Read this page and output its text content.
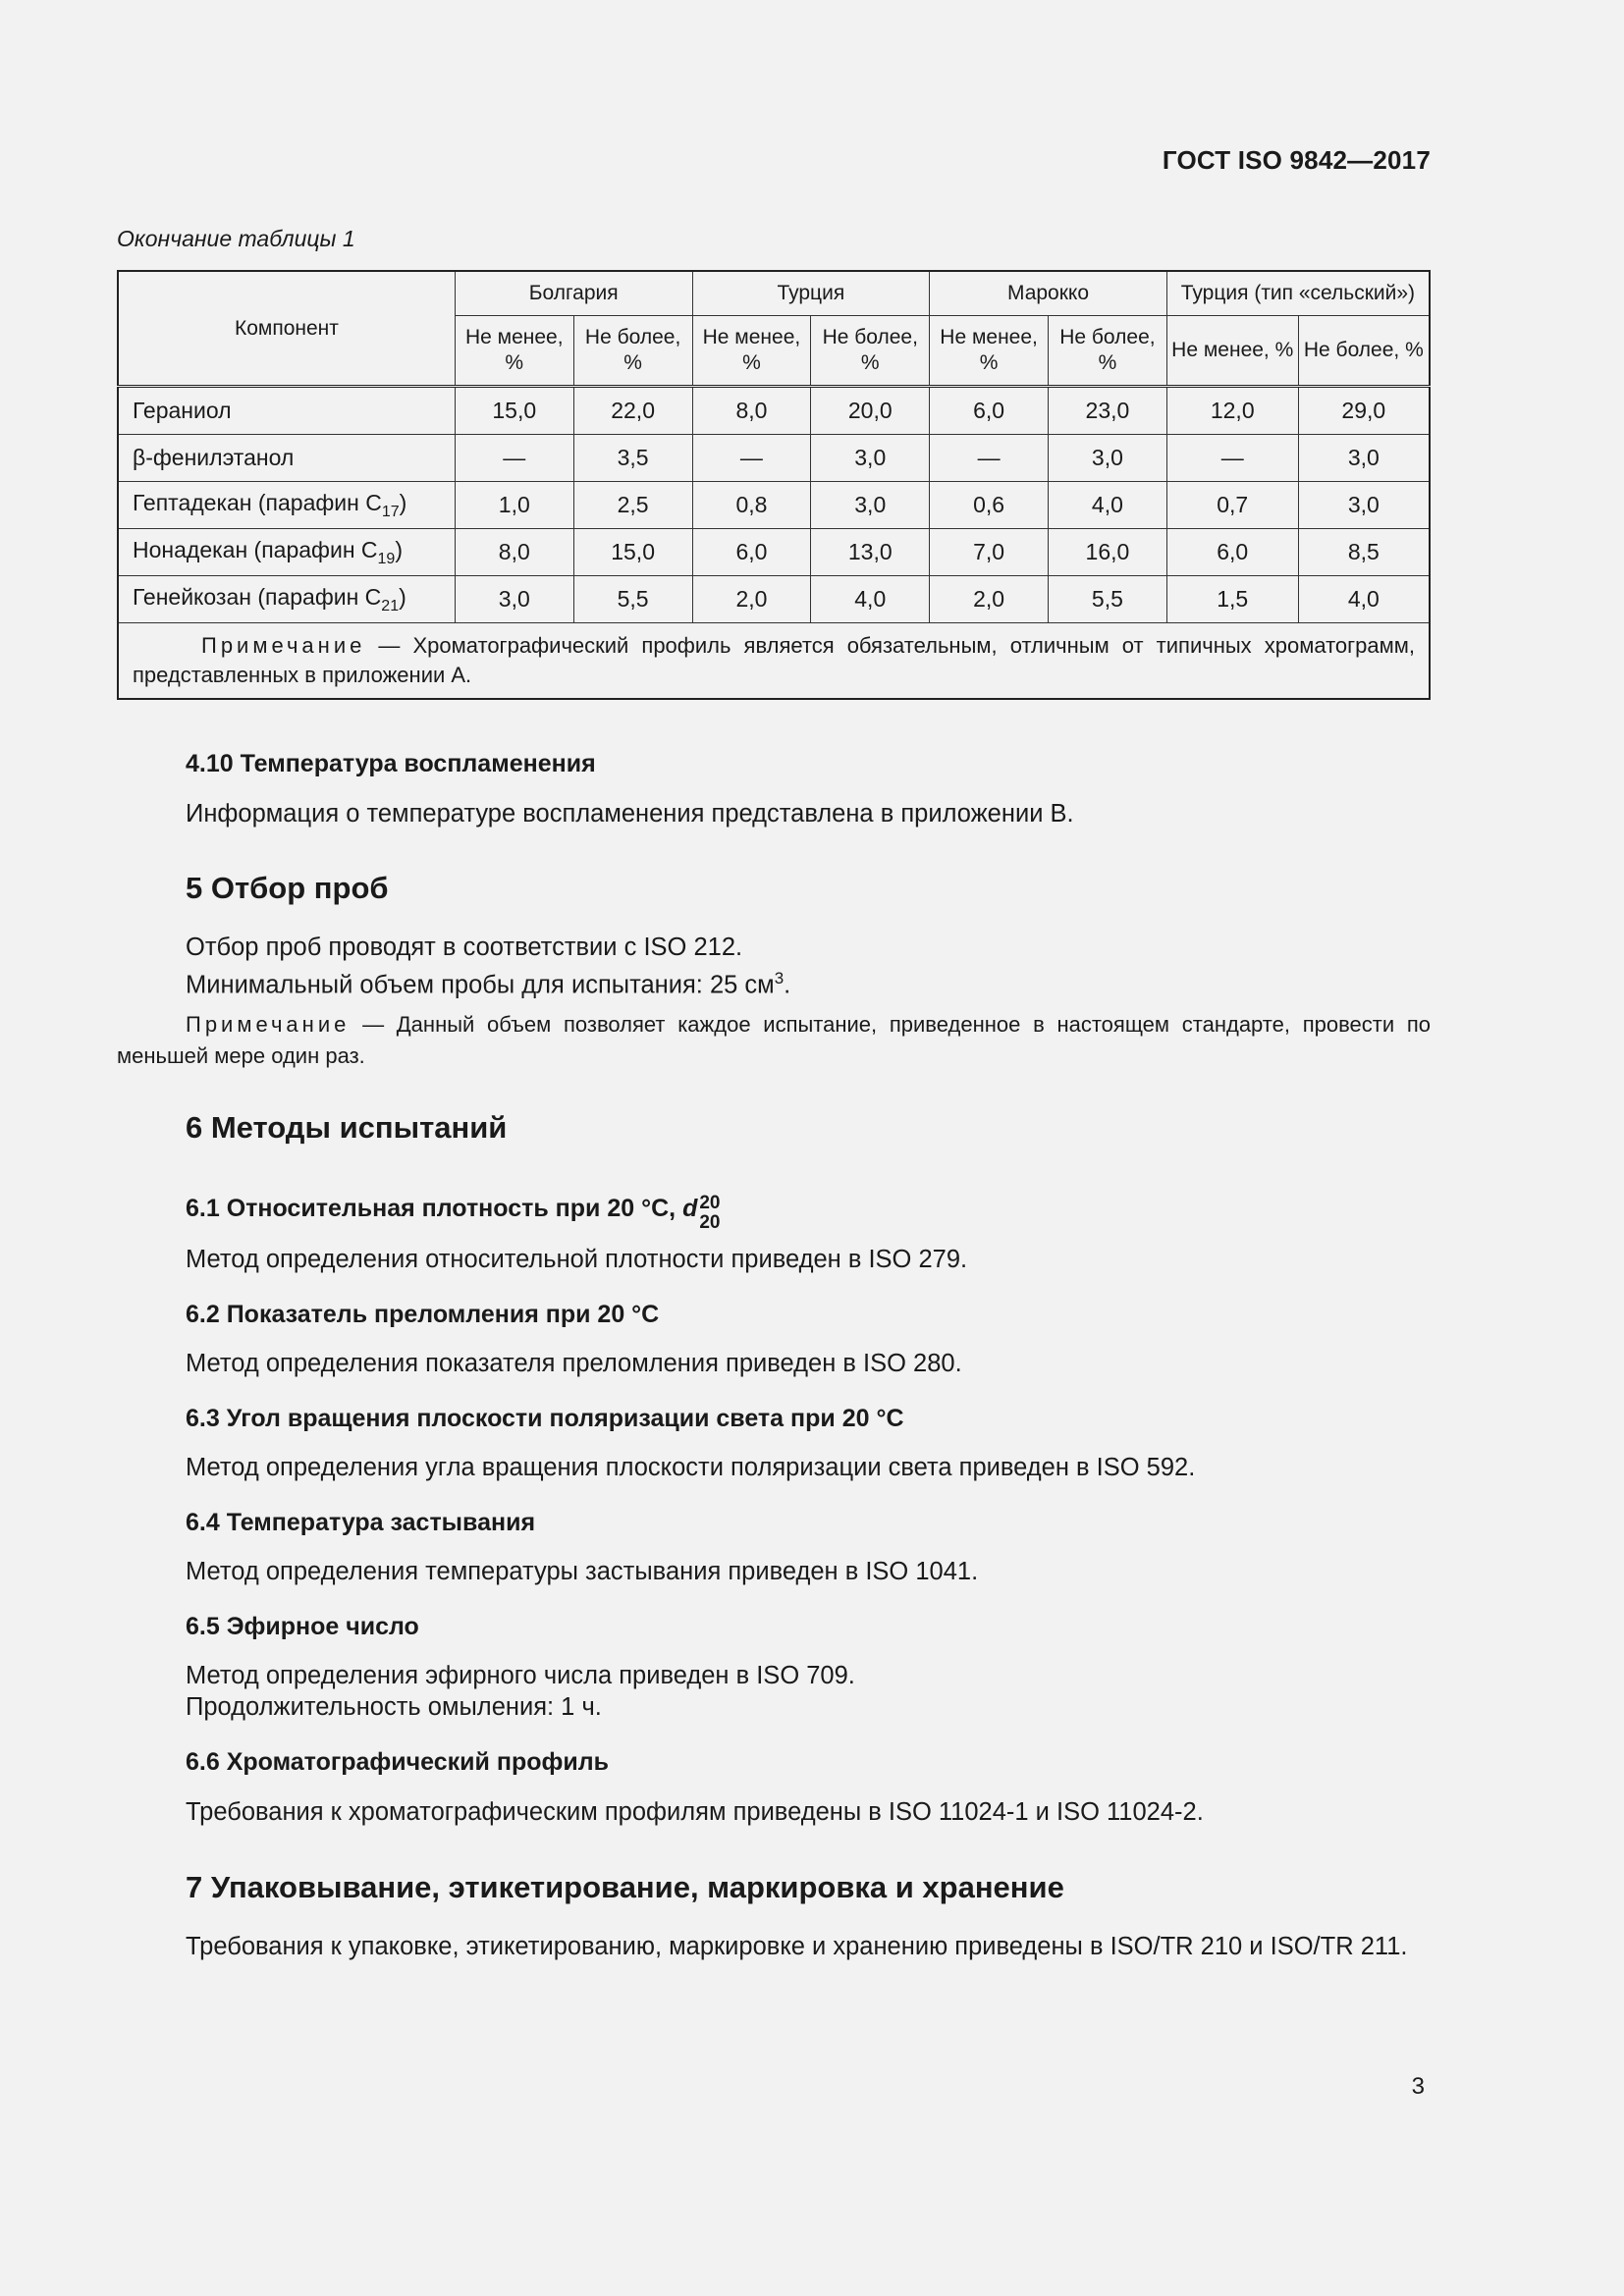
ГОСТ ISO 9842—2017
Окончание таблицы 1
Компонент	Болгария		Турция		Марокко		Турция (тип «сельский»)	
	Не менее, %	Не более, %	Не менее, %	Не более, %	Не менее, %	Не более, %	Не менее, %	Не более, %
Гераниол	15,0	22,0	8,0	20,0	6,0	23,0	12,0	29,0
β-фенилэтанол	—	3,5	—	3,0	—	3,0	—	3,0
Гептадекан (парафин $C_{17}$)	1,0	2,5	0,8	3,0	0,6	4,0	0,7	3,0
Нонадекан (парафин $C_{19}$)	8,0	15,0	6,0	13,0	7,0	16,0	6,0	8,5
Генейкозан (парафин $C_{21}$)	3,0	5,5	2,0	4,0	2,0	5,5	1,5	4,0
Примечание — Хроматографический профиль является обязательным, отличным от типичных хроматограмм, представленных в приложении А.								
4.10 Температура воспламенения
Информация о температуре воспламенения представлена в приложении В.
5 Отбор проб
Отбор проб проводят в соответствии с ISO 212.
Минимальный объем пробы для испытания: 25 $см^3$.
Примечание — Данный объем позволяет каждое испытание, приведенное в настоящем стандарте, провести по меньшей мере один раз.
6 Методы испытаний
6.1 Относительная плотность при 20 °С, d 20
20
Метод определения относительной плотности приведен в ISO 279.
6.2 Показатель преломления при 20 °С
Метод определения показателя преломления приведен в ISO 280.
6.3 Угол вращения плоскости поляризации света при 20 °С
Метод определения угла вращения плоскости поляризации света приведен в ISO 592.
6.4 Температура застывания
Метод определения температуры застывания приведен в ISO 1041.
6.5 Эфирное число
Метод определения эфирного числа приведен в ISO 709.
Продолжительность омыления: 1 ч.
6.6 Хроматографический профиль
Требования к хроматографическим профилям приведены в ISO 11024-1 и ISO 11024-2.
7 Упаковывание, этикетирование, маркировка и хранение
Требования к упаковке, этикетированию, маркировке и хранению приведены в ISO/TR 210 и ISO/TR 211.
3
